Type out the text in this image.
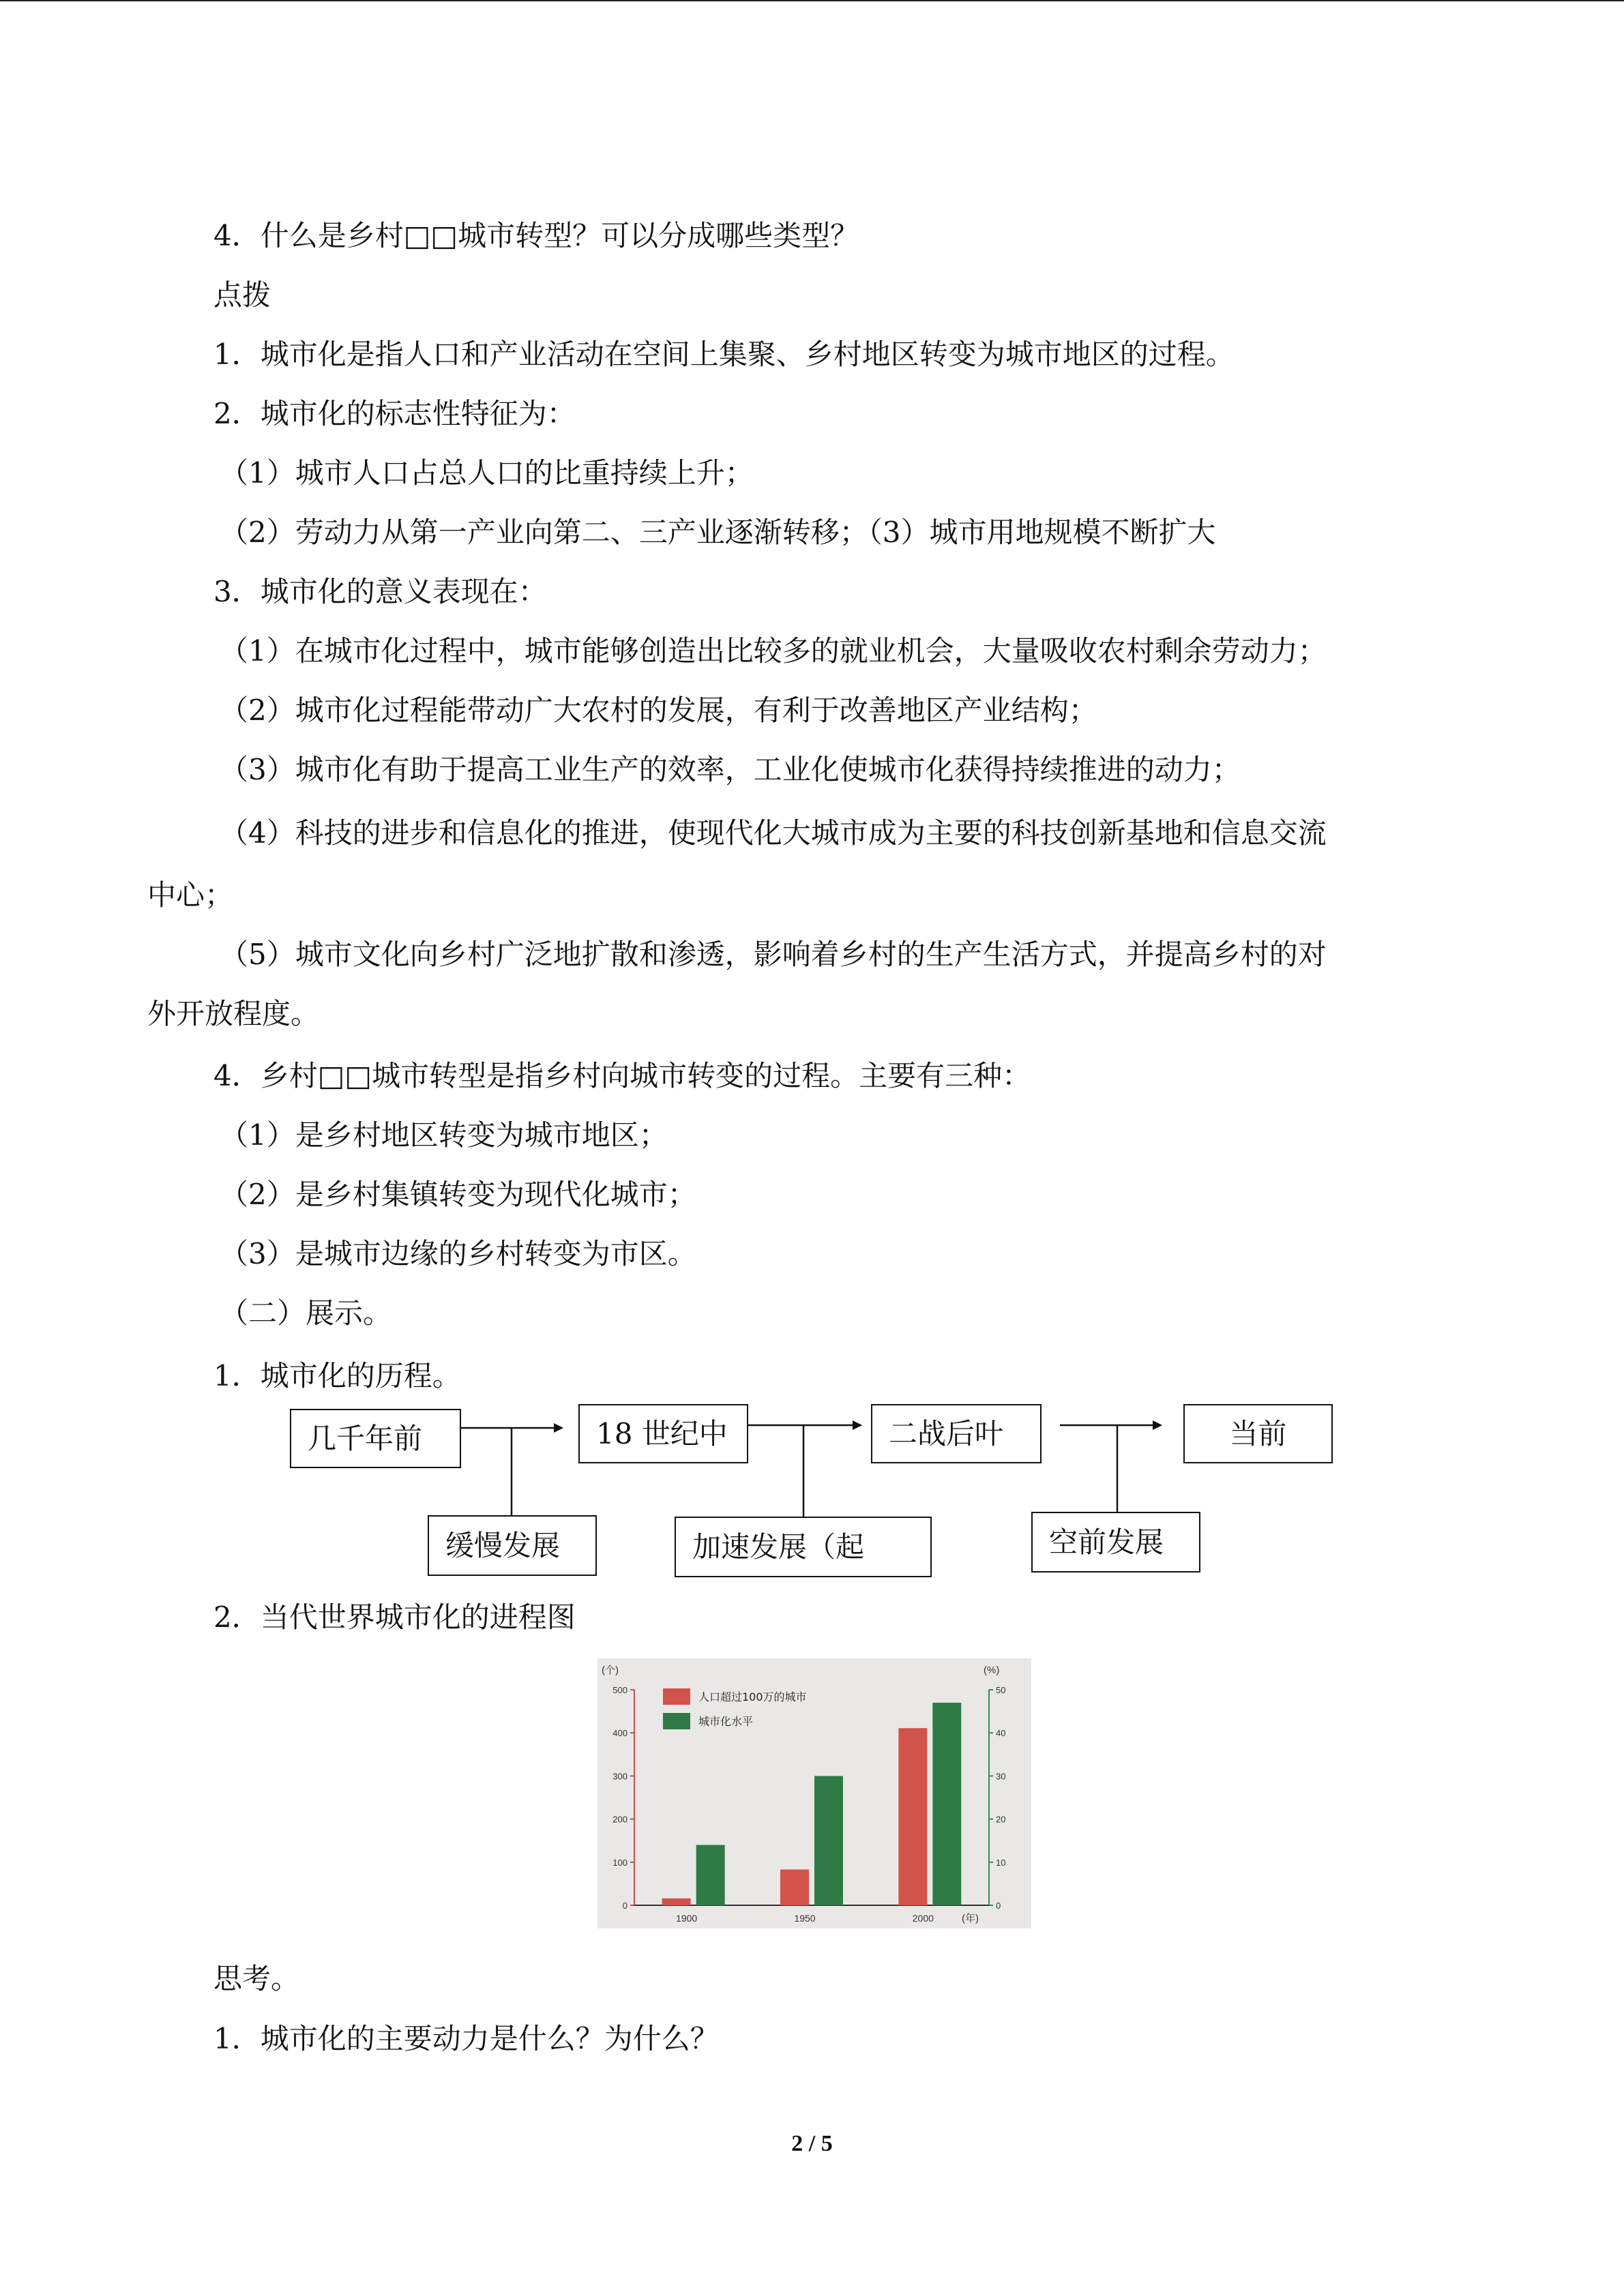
4．什么是乡村□□城市转型？可以分成哪些类型？
点拨
1．城市化是指人口和产业活动在空间上集聚、乡村地区转变为城市地区的过程。
2．城市化的标志性特征为：
（1）城市人口占总人口的比重持续上升；
（2）劳动力从第一产业向第二、三产业逐渐转移；（3）城市用地规模不断扩大
3．城市化的意义表现在：
（1）在城市化过程中，城市能够创造出比较多的就业机会，大量吸收农村剩余劳动力；
（2）城市化过程能带动广大农村的发展，有利于改善地区产业结构；
（3）城市化有助于提高工业生产的效率，工业化使城市化获得持续推进的动力；
（4）科技的进步和信息化的推进，使现代化大城市成为主要的科技创新基地和信息交流
中心；
（5）城市文化向乡村广泛地扩散和渗透，影响着乡村的生产生活方式，并提高乡村的对
外开放程度。
4．乡村□□城市转型是指乡村向城市转变的过程。主要有三种：
（1）是乡村地区转变为城市地区；
（2）是乡村集镇转变为现代化城市；
（3）是城市边缘的乡村转变为市区。
（二）展示。
1．城市化的历程。
几千年前	18 世纪中	二战后叶	当前
缓慢发展	加速发展（起	空前发展
2．当代世界城市化的进程图
0
100
200
300
400
500
0
10
20
30
40
50
(个)	(%)
(年)
1900	1950	2000
人口超过100万的城市
城市化水平
思考。
1．城市化的主要动力是什么？为什么？
2 / 5
